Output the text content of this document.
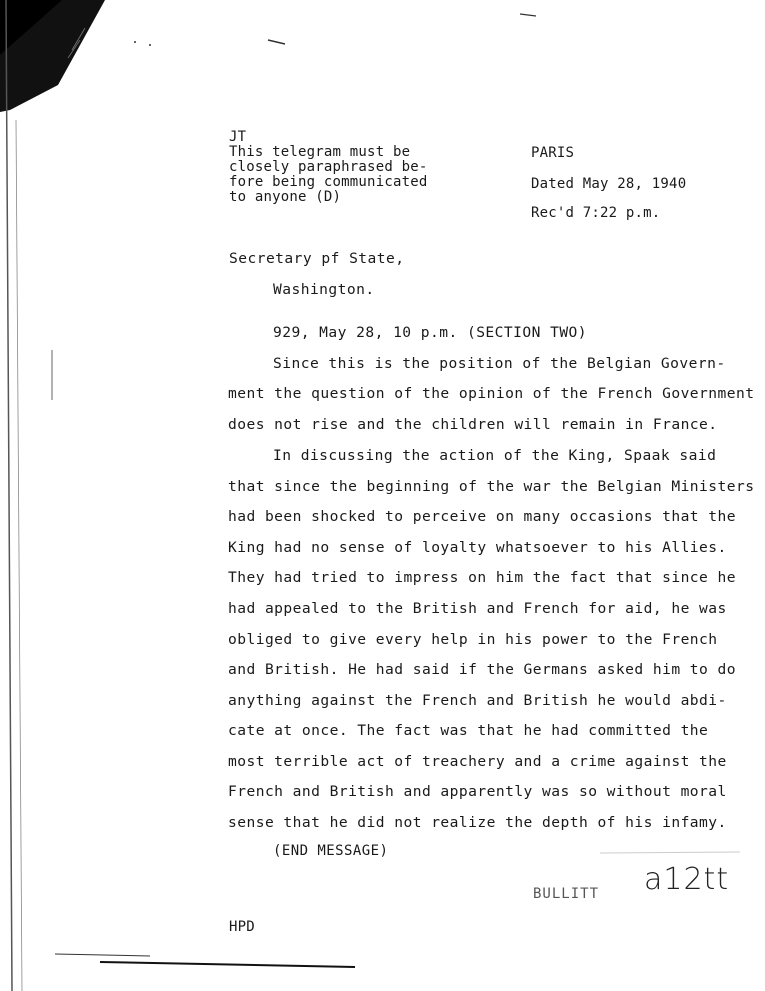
JT
This telegram must be
closely paraphrased be-
fore being communicated
to anyone (D)
PARIS
Dated May 28, 1940
Rec'd 7:22 p.m.
Secretary pf State,
Washington.
929, May 28, 10 p.m. (SECTION TWO)
Since this is the position of the Belgian Govern-
ment the question of the opinion of the French Government
does not rise and the children will remain in France.
In discussing the action of the King, Spaak said
that since the beginning of the war the Belgian Ministers
had been shocked to perceive on many occasions that the
King had no sense of loyalty whatsoever to his Allies.
They had tried to impress on him the fact that since he
had appealed to the British and French for aid, he was
obliged to give every help in his power to the French
and British. He had said if the Germans asked him to do
anything against the French and British he would abdi-
cate at once. The fact was that he had committed the
most terrible act of treachery and a crime against the
French and British and apparently was so without moral
sense that he did not realize the depth of his infamy.
(END MESSAGE)
BULLITT a12tt
HPD
